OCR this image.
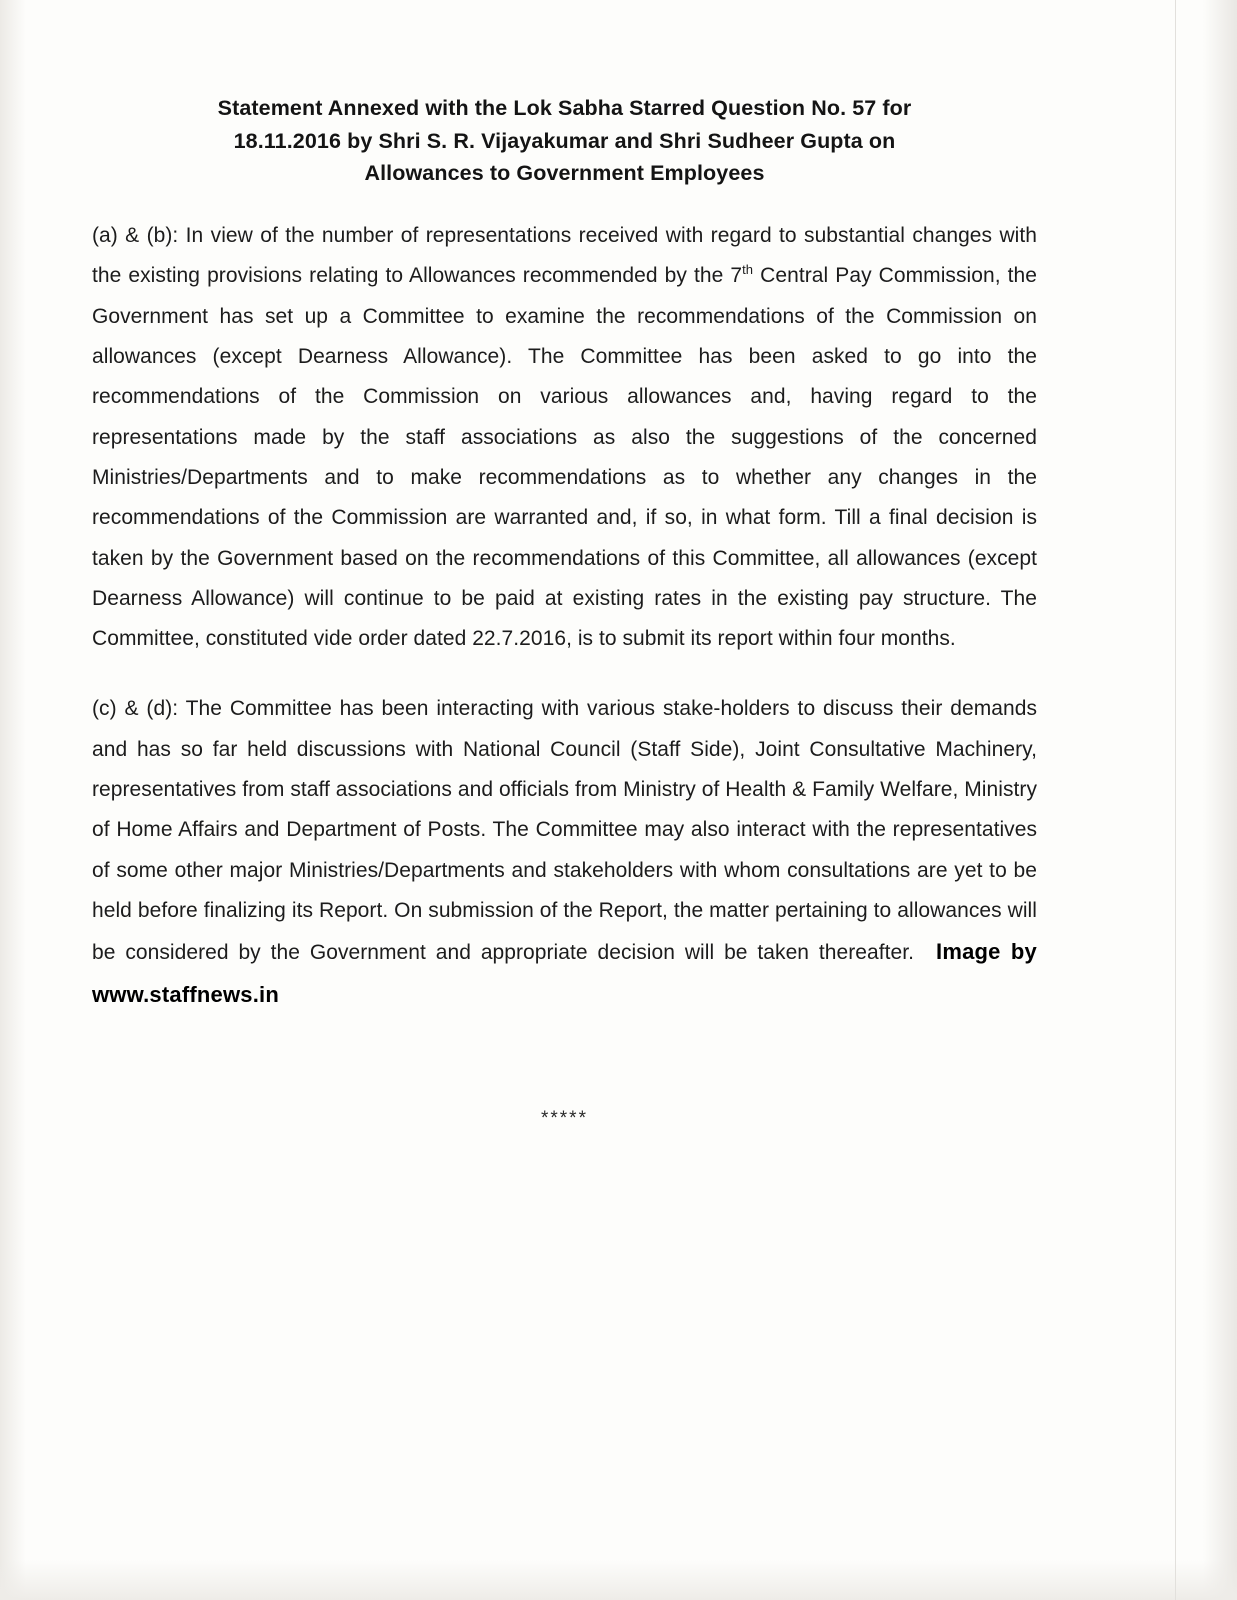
Statement Annexed with the Lok Sabha Starred Question No. 57 for
18.11.2016 by Shri S. R. Vijayakumar and Shri Sudheer Gupta on
Allowances to Government Employees

(a) & (b): In view of the number of representations received with regard to substantial changes with the existing provisions relating to Allowances recommended by the 7th Central Pay Commission, the Government has set up a Committee to examine the recommendations of the Commission on allowances (except Dearness Allowance). The Committee has been asked to go into the recommendations of the Commission on various allowances and, having regard to the representations made by the staff associations as also the suggestions of the concerned Ministries/Departments and to make recommendations as to whether any changes in the recommendations of the Commission are warranted and, if so, in what form. Till a final decision is taken by the Government based on the recommendations of this Committee, all allowances (except Dearness Allowance) will continue to be paid at existing rates in the existing pay structure. The Committee, constituted vide order dated 22.7.2016, is to submit its report within four months.

(c) & (d): The Committee has been interacting with various stake-holders to discuss their demands and has so far held discussions with National Council (Staff Side), Joint Consultative Machinery, representatives from staff associations and officials from Ministry of Health & Family Welfare, Ministry of Home Affairs and Department of Posts. The Committee may also interact with the representatives of some other major Ministries/Departments and stakeholders with whom consultations are yet to be held before finalizing its Report. On submission of the Report, the matter pertaining to allowances will be considered by the Government and appropriate decision will be taken thereafter. Image by www.staffnews.in

*****
